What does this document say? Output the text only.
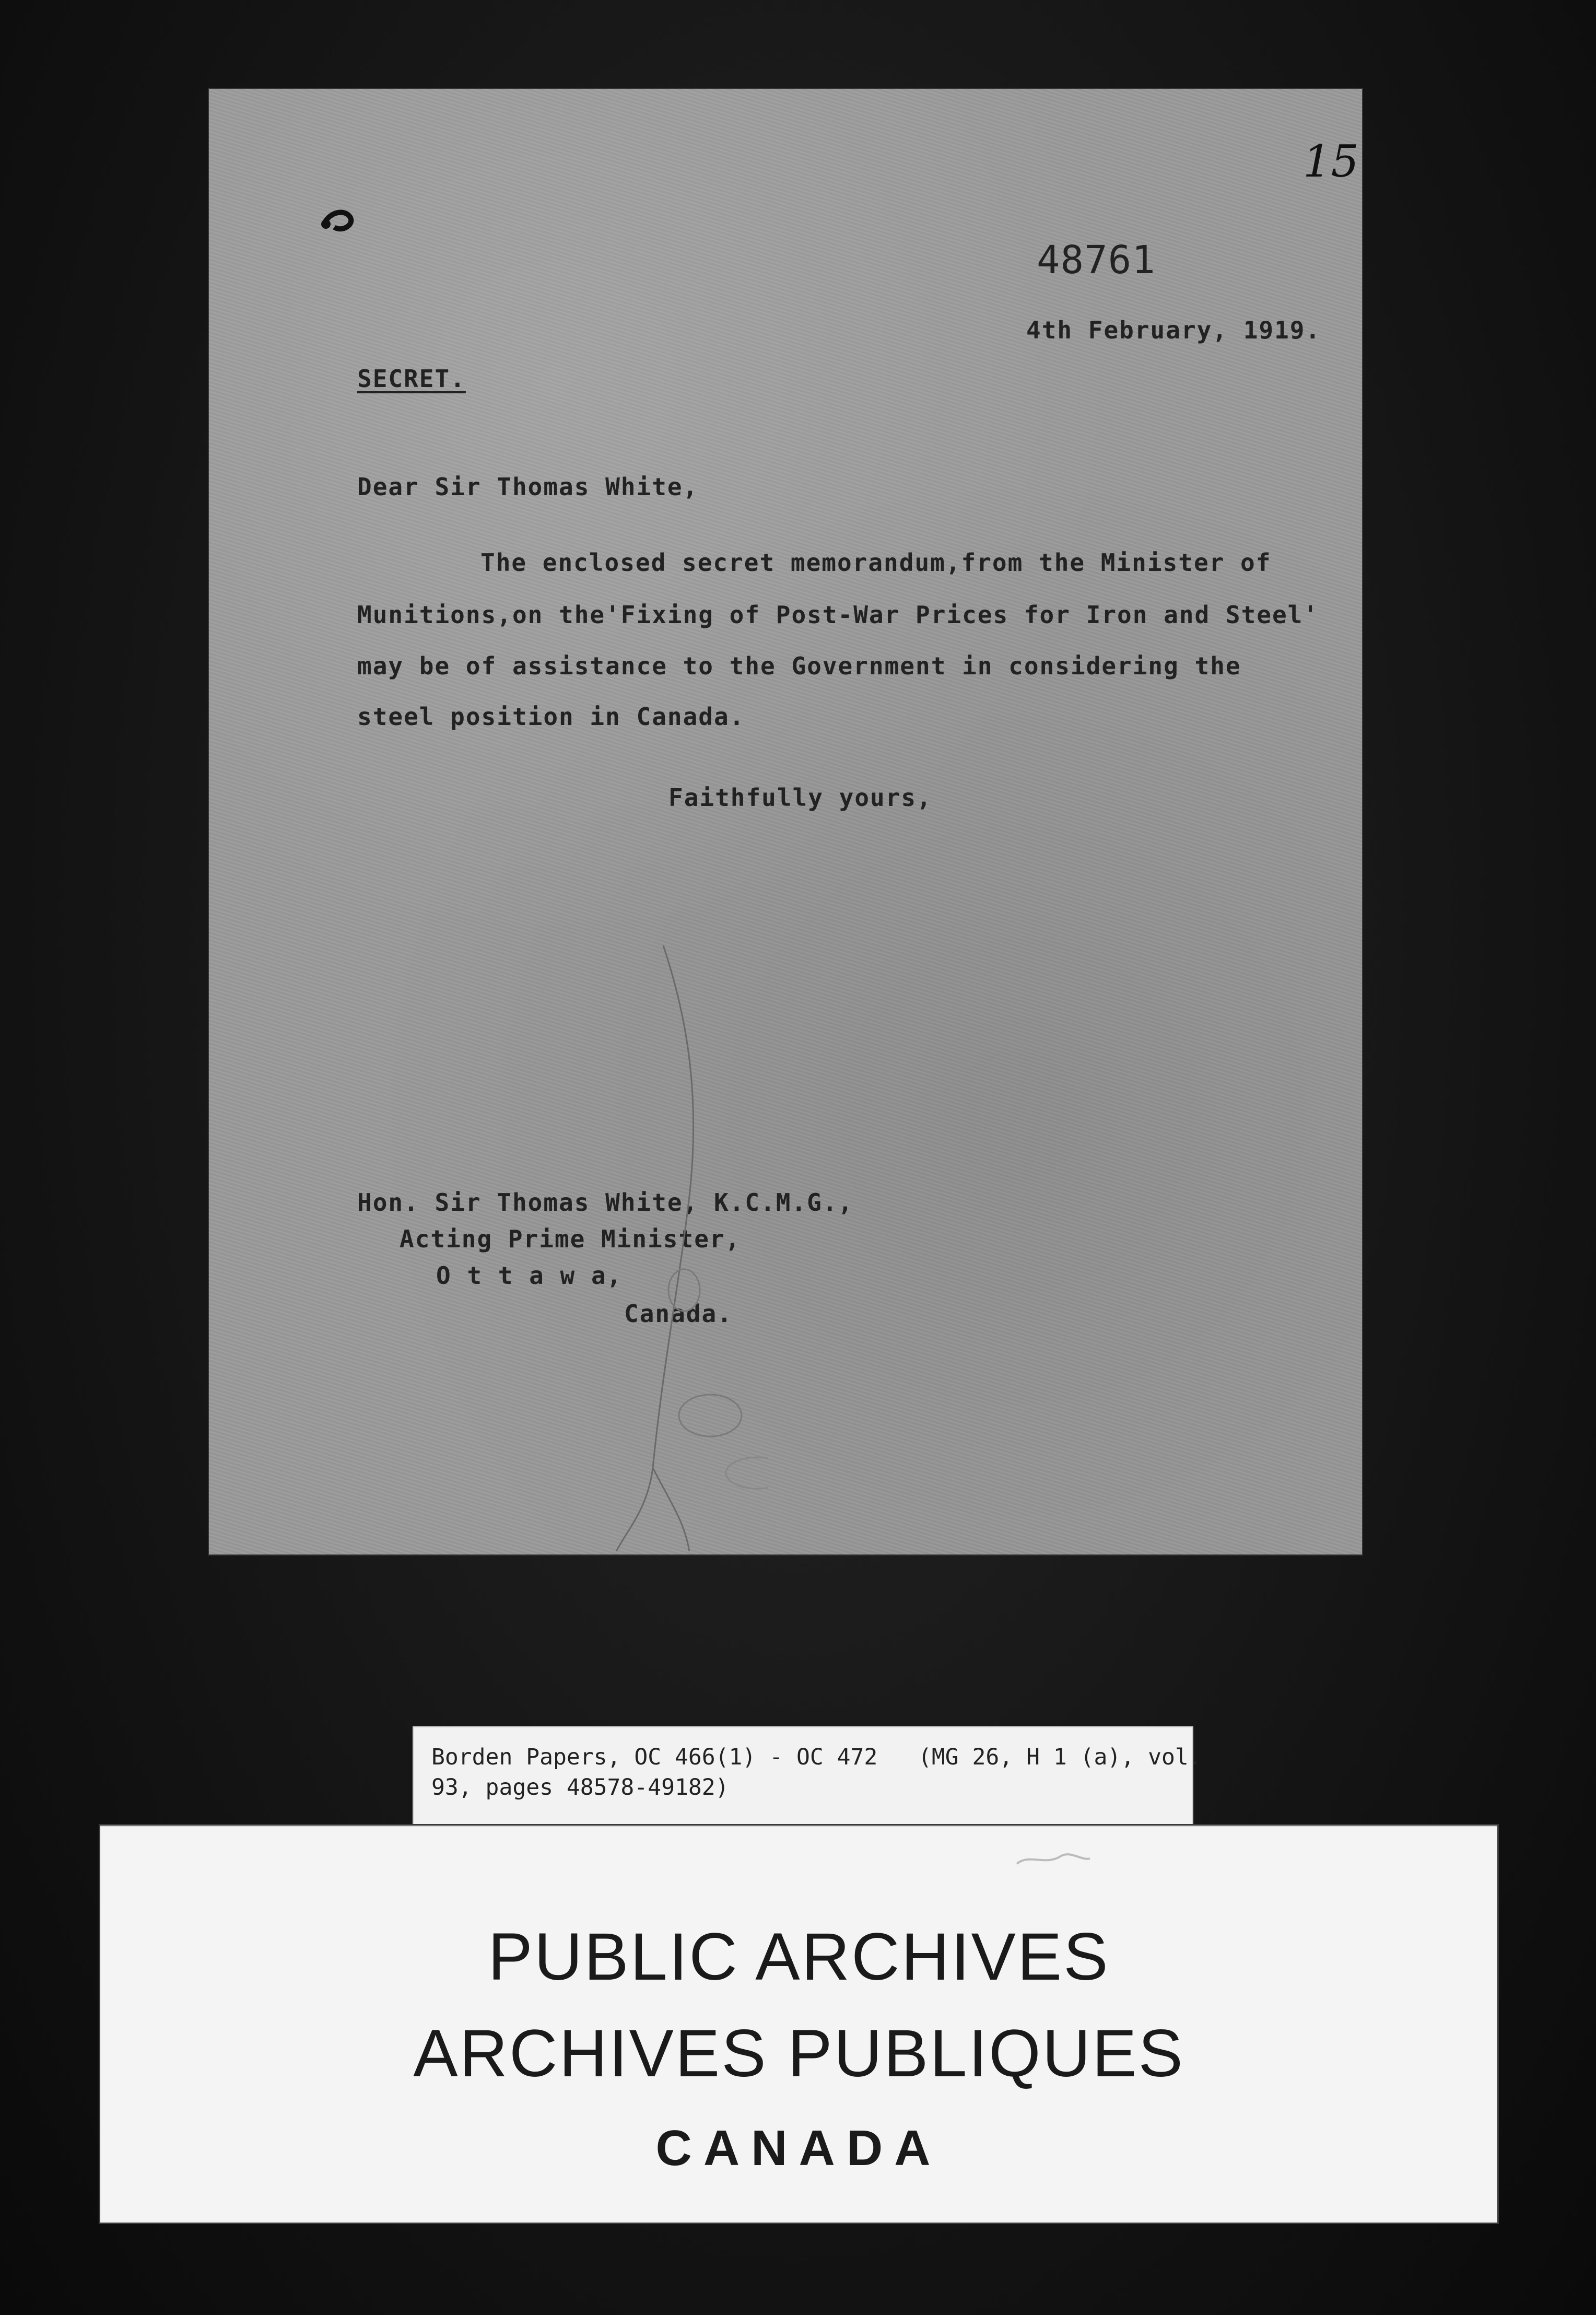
15
48761
4th February, 1919.
SECRET.
Dear Sir Thomas White,
The enclosed secret memorandum,from the Minister of
Munitions,on the'Fixing of Post-War Prices for Iron and Steel'
may be of assistance to the Government in considering the
steel position in Canada.
Faithfully yours,
Hon. Sir Thomas White, K.C.M.G.,
Acting Prime Minister,
O t t a w a,
Canada.
Borden Papers, OC 466(1) - OC 472   (MG 26, H 1 (a), vol.
93, pages 48578-49182)
PUBLIC ARCHIVES
ARCHIVES PUBLIQUES
CANADA
